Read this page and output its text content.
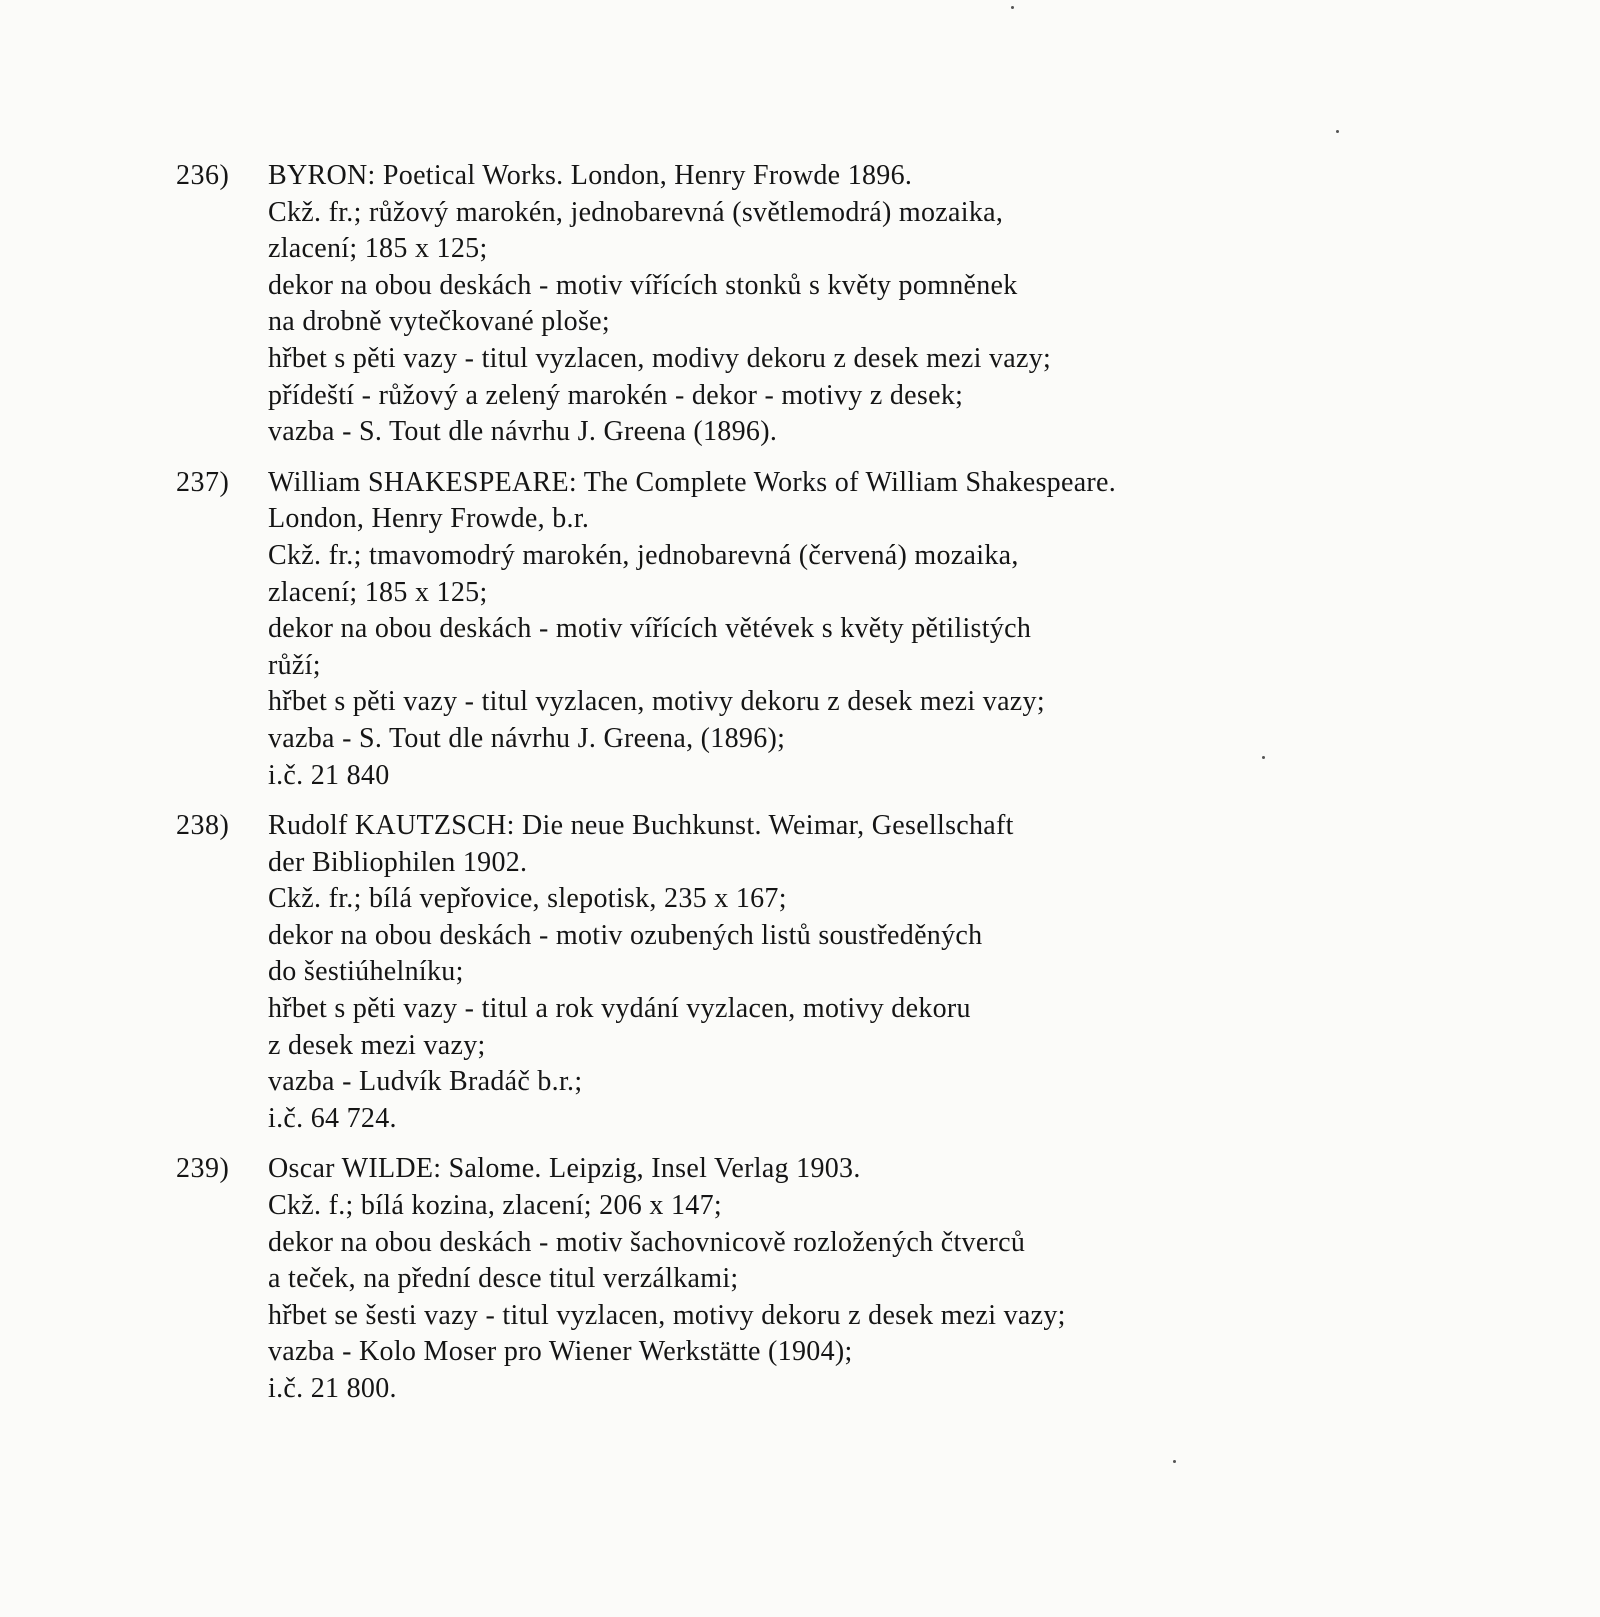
236) BYRON: Poetical Works. London, Henry Frowde 1896.
Ckž. fr.; růžový marokén, jednobarevná (světlemodrá) mozaika,
zlacení; 185 x 125;
dekor na obou deskách - motiv vířících stonků s květy pomněnek
na drobně vytečkované ploše;
hřbet s pěti vazy - titul vyzlacen, modivy dekoru z desek mezi vazy;
přídeští - růžový a zelený marokén - dekor - motivy z desek;
vazba - S. Tout dle návrhu J. Greena (1896).
237) William SHAKESPEARE: The Complete Works of William Shakespeare.
London, Henry Frowde, b.r.
Ckž. fr.; tmavomodrý marokén, jednobarevná (červená) mozaika,
zlacení; 185 x 125;
dekor na obou deskách - motiv vířících větévek s květy pětilistých
růží;
hřbet s pěti vazy - titul vyzlacen, motivy dekoru z desek mezi vazy;
vazba - S. Tout dle návrhu J. Greena, (1896);
i.č. 21 840
238) Rudolf KAUTZSCH: Die neue Buchkunst. Weimar, Gesellschaft
der Bibliophilen 1902.
Ckž. fr.; bílá vepřovice, slepotisk, 235 x 167;
dekor na obou deskách - motiv ozubených listů soustředěných
do šestiúhelníku;
hřbet s pěti vazy - titul a rok vydání vyzlacen, motivy dekoru
z desek mezi vazy;
vazba - Ludvík Bradáč b.r.;
i.č. 64 724.
239) Oscar WILDE: Salome. Leipzig, Insel Verlag 1903.
Ckž. f.; bílá kozina, zlacení; 206 x 147;
dekor na obou deskách - motiv šachovnicově rozložených čtverců
a teček, na přední desce titul verzálkami;
hřbet se šesti vazy - titul vyzlacen, motivy dekoru z desek mezi vazy;
vazba - Kolo Moser pro Wiener Werkstätte (1904);
i.č. 21 800.
